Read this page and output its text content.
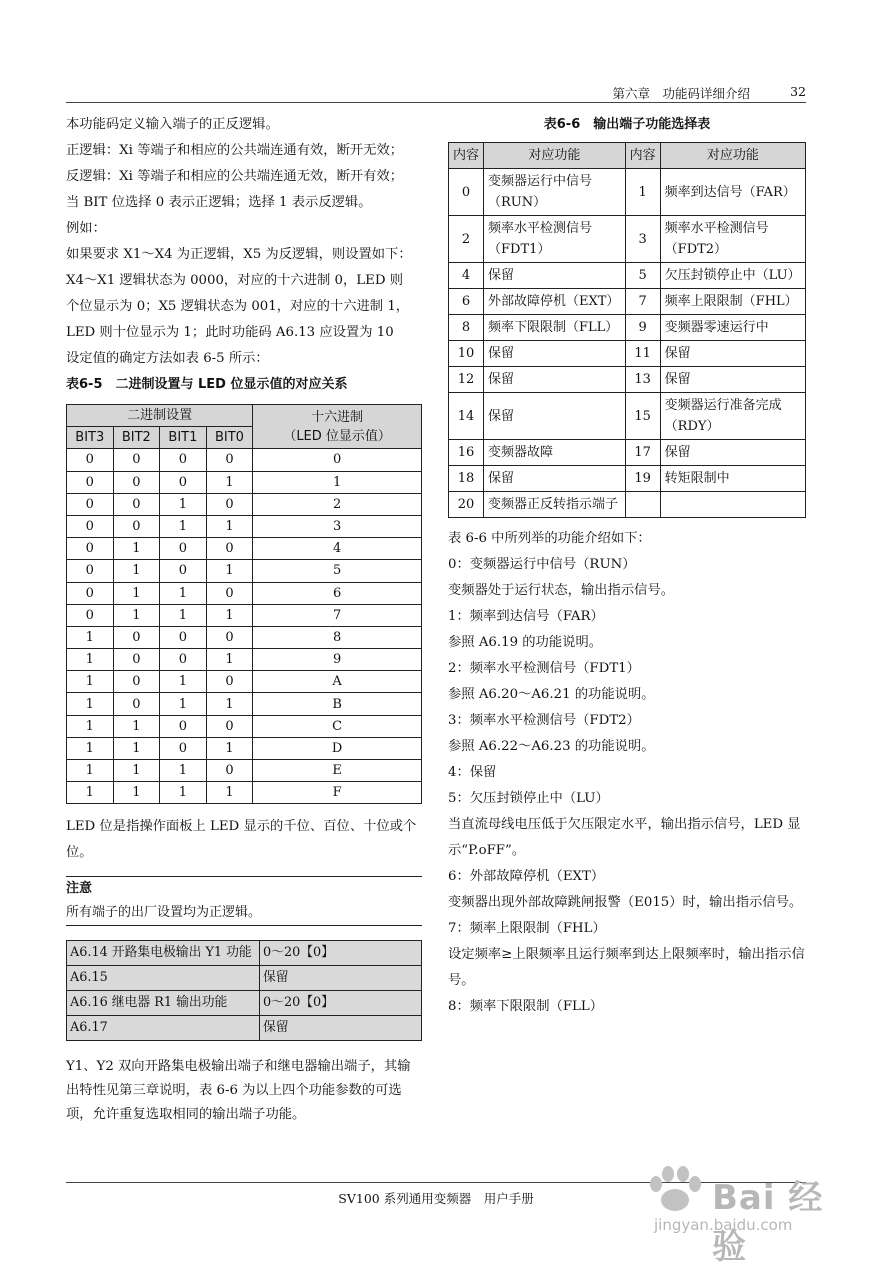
第六章　功能码详细介绍	32

本功能码定义输入端子的正反逻辑。

正逻辑：Xi 等端子和相应的公共端连通有效，断开无效；

反逻辑：Xi 等端子和相应的公共端连通无效，断开有效；

当 BIT 位选择 0 表示正逻辑；选择 1 表示反逻辑。

例如：

如果要求 X1～X4 为正逻辑，X5 为反逻辑，则设置如下：

X4～X1 逻辑状态为 0000，对应的十六进制 0，LED 则

个位显示为 0；X5 逻辑状态为 001，对应的十六进制 1，

LED 则十位显示为 1；此时功能码 A6.13 应设置为 10

设定值的确定方法如表 6-5 所示：

表6-5　二进制设置与 LED 位显示值的对应关系

二进制设置				十六进制
（LED 位显示值）
BIT3	BIT2	BIT1	BIT0	
0	0	0	0	0
0	0	0	1	1
0	0	1	0	2
0	0	1	1	3
0	1	0	0	4
0	1	0	1	5
0	1	1	0	6
0	1	1	1	7
1	0	0	0	8
1	0	0	1	9
1	0	1	0	A
1	0	1	1	B
1	1	0	0	C
1	1	0	1	D
1	1	1	0	E
1	1	1	1	F

LED 位是指操作面板上 LED 显示的千位、百位、十位或个位。

注意
所有端子的出厂设置均为正逻辑。
A6.14 开路集电极输出 Y1 功能	0～20【0】
A6.15	保留
A6.16 继电器 R1 输出功能	0～20【0】
A6.17	保留

Y1、Y2 双向开路集电极输出端子和继电器输出端子，其输出特性见第三章说明，表 6-6 为以上四个功能参数的可选项，允许重复选取相同的输出端子功能。

表6-6　输出端子功能选择表

内容	对应功能	内容	对应功能
0	变频器运行中信号（RUN）	1	频率到达信号（FAR）
2	频率水平检测信号（FDT1）	3	频率水平检测信号（FDT2）
4	保留	5	欠压封锁停止中（LU）
6	外部故障停机（EXT）	7	频率上限限制（FHL）
8	频率下限限制（FLL）	9	变频器零速运行中
10	保留	11	保留
12	保留	13	保留
14	保留	15	变频器运行准备完成（RDY）
16	变频器故障	17	保留
18	保留	19	转矩限制中
20	变频器正反转指示端子		

表 6-6 中所列举的功能介绍如下：

0：变频器运行中信号（RUN）

变频器处于运行状态，输出指示信号。

1：频率到达信号（FAR）

参照 A6.19 的功能说明。

2：频率水平检测信号（FDT1）

参照 A6.20～A6.21 的功能说明。

3：频率水平检测信号（FDT2）

参照 A6.22～A6.23 的功能说明。

4：保留

5：欠压封锁停止中（LU）

当直流母线电压低于欠压限定水平，输出指示信号，LED 显示“P.oFF”。

6：外部故障停机（EXT）

变频器出现外部故障跳闸报警（E015）时，输出指示信号。

7：频率上限限制（FHL）

设定频率≥上限频率且运行频率到达上限频率时，输出指示信号。

8：频率下限限制（FLL）

SV100 系列通用变频器　用户手册	Bai 经验
jingyan.baidu.com
